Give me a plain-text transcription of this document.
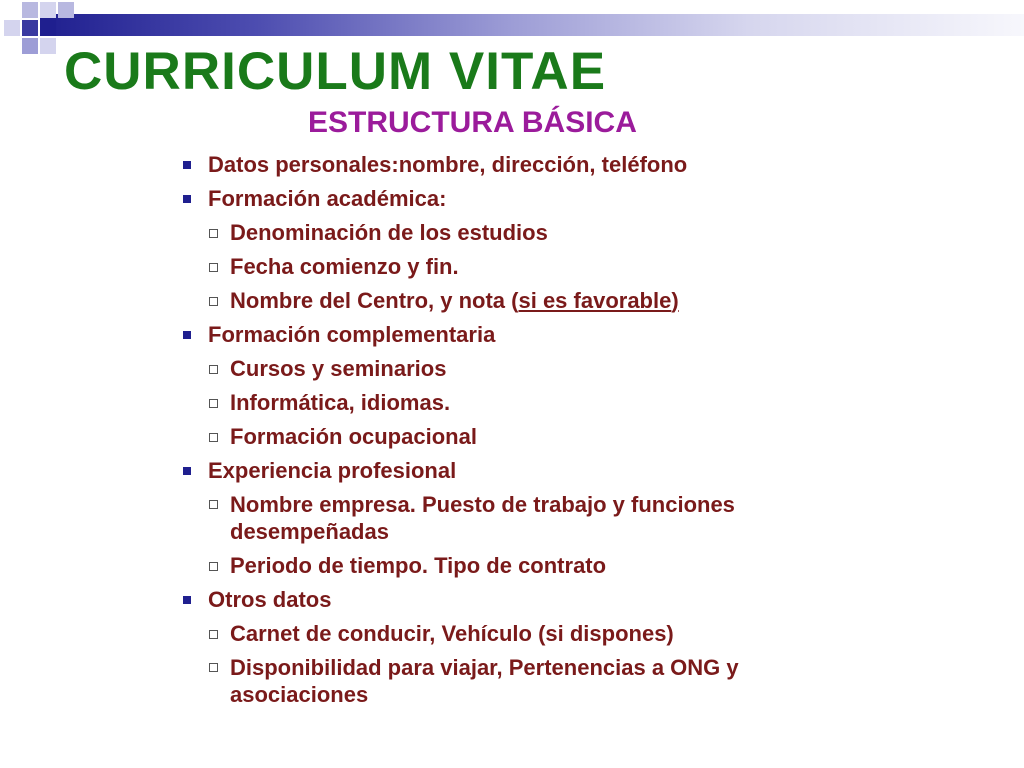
CURRICULUM VITAE
ESTRUCTURA BÁSICA
Datos personales:nombre, dirección, teléfono
Formación académica:
Denominación de los estudios
Fecha comienzo y fin.
Nombre del Centro, y nota (si es favorable)
Formación complementaria
Cursos y seminarios
Informática, idiomas.
Formación ocupacional
Experiencia profesional
Nombre empresa. Puesto de trabajo y funciones desempeñadas
Periodo de tiempo. Tipo de contrato
Otros datos
Carnet de conducir, Vehículo (si dispones)
Disponibilidad para viajar, Pertenencias a ONG y asociaciones
